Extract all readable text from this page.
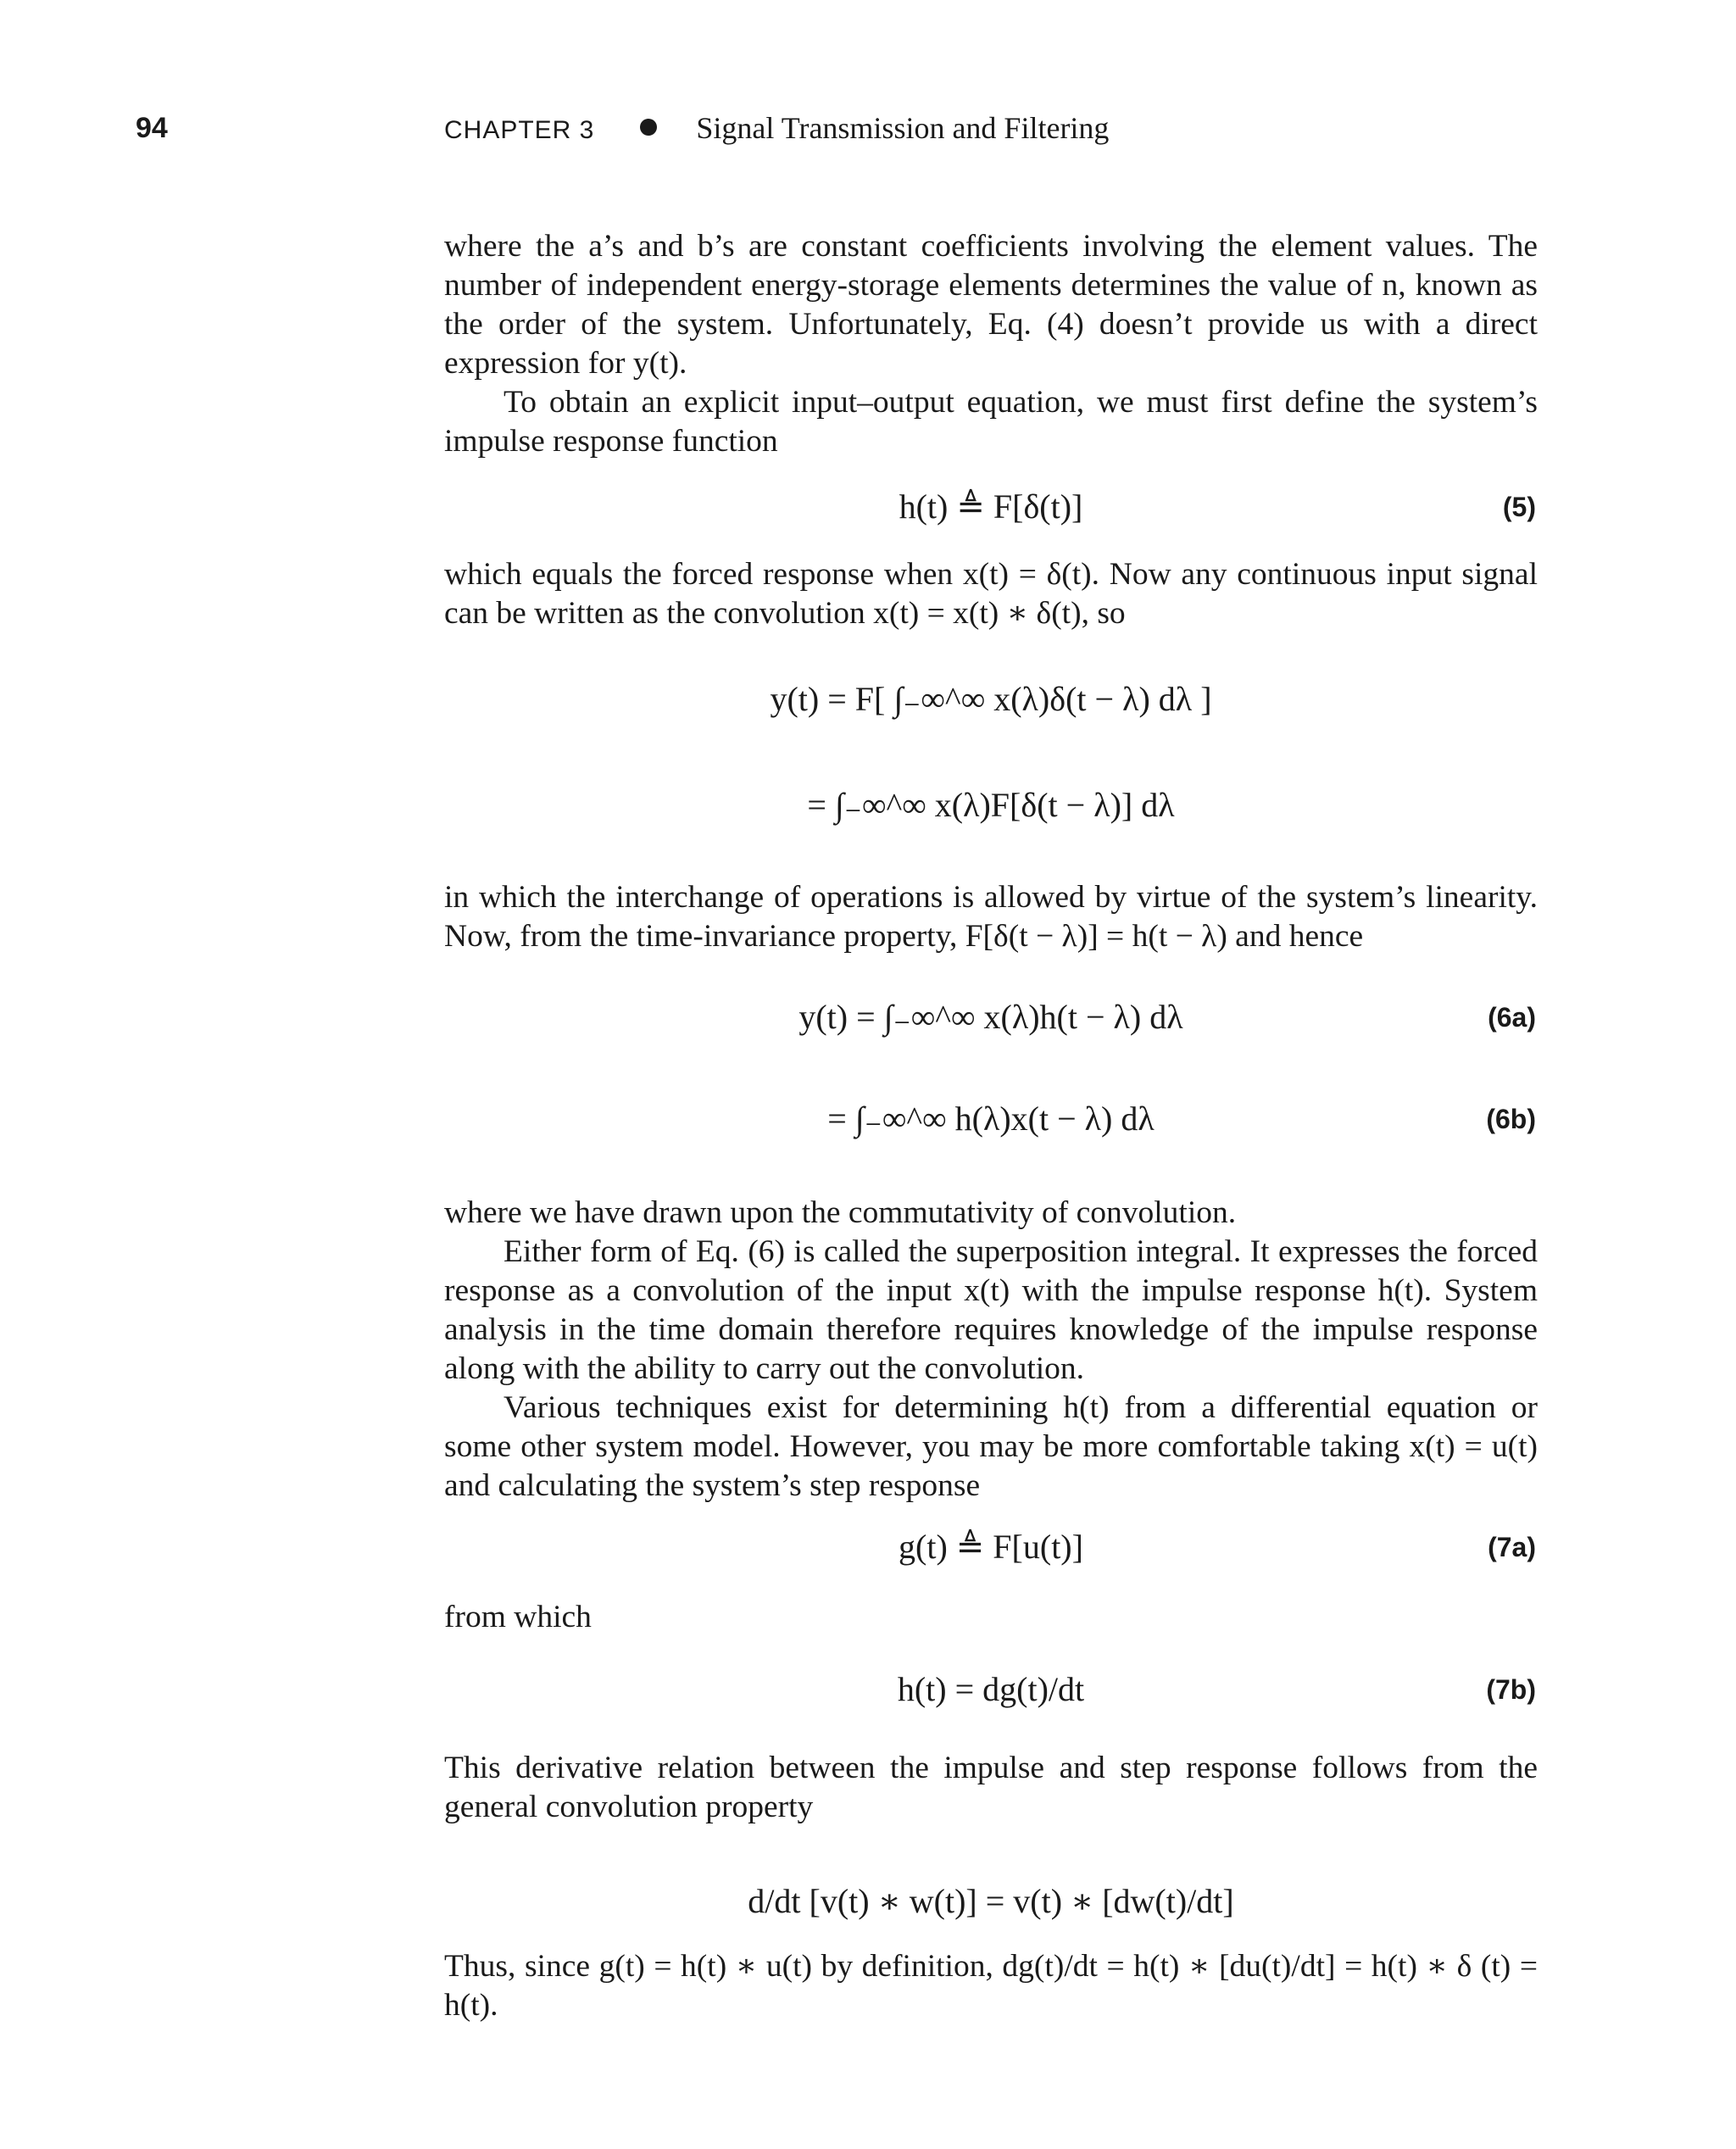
94	CHAPTER 3	Signal Transmission and Filtering

where the a’s and b’s are constant coefficients involving the element values. The number of independent energy-storage elements determines the value of n, known as the order of the system. Unfortunately, Eq. (4) doesn’t provide us with a direct expression for y(t).

To obtain an explicit input–output equation, we must first define the system’s impulse response function

h(t) ≜ F[δ(t)]	(5)

which equals the forced response when x(t) = δ(t). Now any continuous input signal can be written as the convolution x(t) = x(t) ∗ δ(t), so

y(t) = F[ ∫₋∞^∞ x(λ)δ(t − λ) dλ ]
= ∫₋∞^∞ x(λ)F[δ(t − λ)] dλ

in which the interchange of operations is allowed by virtue of the system’s linearity. Now, from the time-invariance property, F[δ(t − λ)] = h(t − λ) and hence

y(t) = ∫₋∞^∞ x(λ)h(t − λ) dλ	(6a)
= ∫₋∞^∞ h(λ)x(t − λ) dλ	(6b)

where we have drawn upon the commutativity of convolution.

Either form of Eq. (6) is called the superposition integral. It expresses the forced response as a convolution of the input x(t) with the impulse response h(t). System analysis in the time domain therefore requires knowledge of the impulse response along with the ability to carry out the convolution.

Various techniques exist for determining h(t) from a differential equation or some other system model. However, you may be more comfortable taking x(t) = u(t) and calculating the system’s step response

g(t) ≜ F[u(t)]	(7a)

from which

h(t) = dg(t)/dt	(7b)

This derivative relation between the impulse and step response follows from the general convolution property

d/dt [v(t) ∗ w(t)] = v(t) ∗ [dw(t)/dt]

Thus, since g(t) = h(t) ∗ u(t) by definition, dg(t)/dt = h(t) ∗ [du(t)/dt] = h(t) ∗ δ (t) = h(t).
